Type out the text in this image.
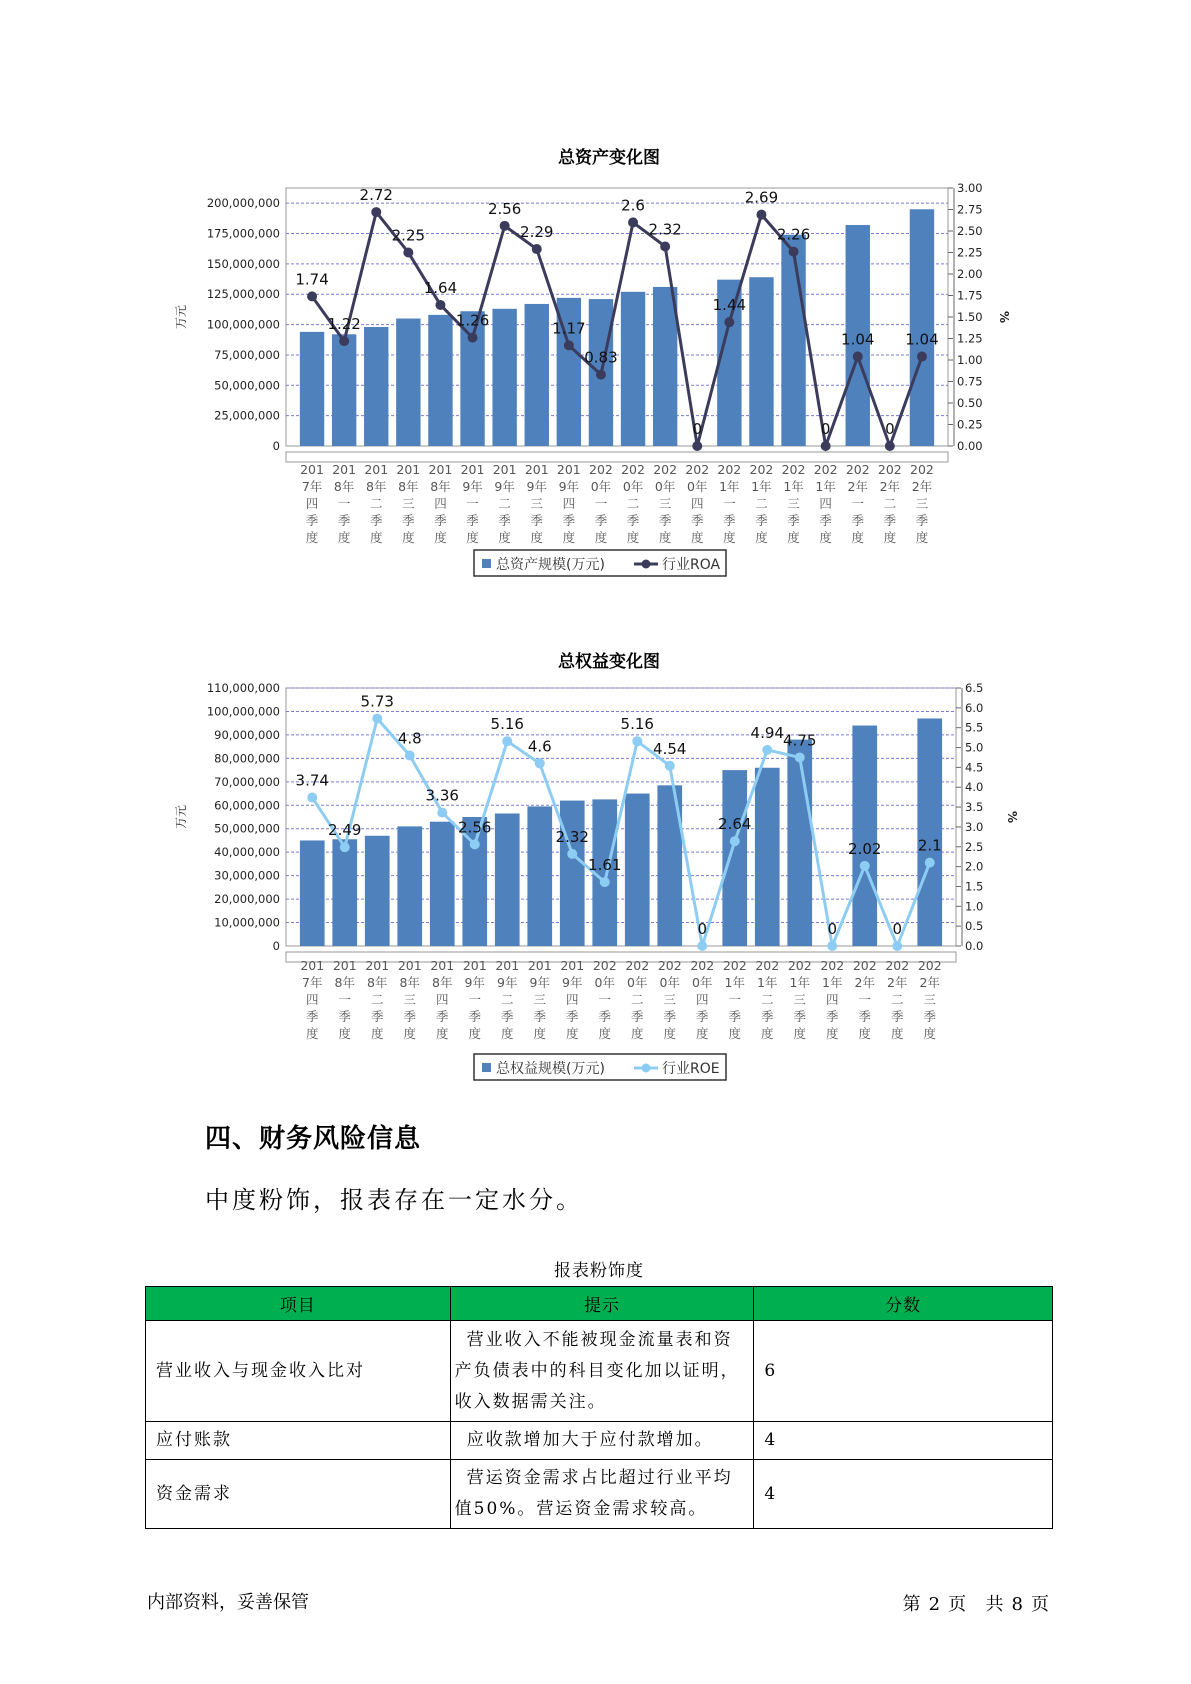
总资产变化图
0
25,000,000
50,000,000
75,000,000
100,000,000
125,000,000
150,000,000
175,000,000
200,000,000
0.00
0.25
0.50
0.75
1.00
1.25
1.50
1.75
2.00
2.25
2.50
2.75
3.00
万元	%
201
7年
四
季
度
201
8年
一
季
度
201
8年
二
季
度
201
8年
三
季
度
201
8年
四
季
度
201
9年
一
季
度
201
9年
二
季
度
201
9年
三
季
度
201
9年
四
季
度
202
0年
一
季
度
202
0年
二
季
度
202
0年
三
季
度
202
0年
四
季
度
202
1年
一
季
度
202
1年
二
季
度
202
1年
三
季
度
202
1年
四
季
度
202
2年
一
季
度
202
2年
二
季
度
202
2年
三
季
度
1.74
1.22
2.72
2.25
1.64
1.26
2.56
2.29
1.17
0.83
2.6
2.32
0
1.44
2.69
2.26
0
1.04
0
1.04
总资产规模(万元)	行业ROA
总权益变化图
0
10,000,000
20,000,000
30,000,000
40,000,000
50,000,000
60,000,000
70,000,000
80,000,000
90,000,000
100,000,000
110,000,000
0.0
0.5
1.0
1.5
2.0
2.5
3.0
3.5
4.0
4.5
5.0
5.5
6.0
6.5
万元	%
201
7年
四
季
度
201
8年
一
季
度
201
8年
二
季
度
201
8年
三
季
度
201
8年
四
季
度
201
9年
一
季
度
201
9年
二
季
度
201
9年
三
季
度
201
9年
四
季
度
202
0年
一
季
度
202
0年
二
季
度
202
0年
三
季
度
202
0年
四
季
度
202
1年
一
季
度
202
1年
二
季
度
202
1年
三
季
度
202
1年
四
季
度
202
2年
一
季
度
202
2年
二
季
度
202
2年
三
季
度
3.74
2.49
5.73
4.8
3.36
2.56
5.16
4.6
2.32
1.61
5.16
4.54
0
2.64
4.94 4.75
0
2.02
0
2.1
总权益规模(万元)	行业ROE
四、财务风险信息
中度粉饰，报表存在一定水分。
报表粉饰度
项目	提示	分数
营业收入与现金收入比对	营业收入不能被现金流量表和资
产负债表中的科目变化加以证明，
收入数据需关注。	6
应付账款	应收款增加大于应付款增加。	4
资金需求	营运资金需求占比超过行业平均
值50%。营运资金需求较高。	4
内部资料，妥善保管	第 2 页 共 8 页
